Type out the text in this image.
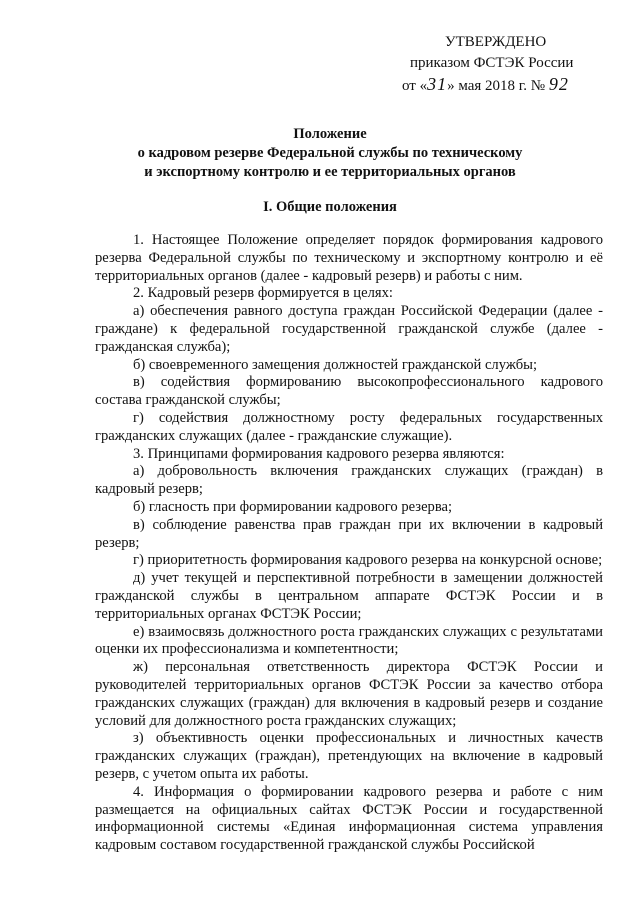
УТВЕРЖДЕНО
приказом ФСТЭК России
от «31» мая 2018 г. № 92
Положение
о кадровом резерве Федеральной службы по техническому
и экспортному контролю и ее территориальных органов
I. Общие положения

1. Настоящее Положение определяет порядок формирования кадрового резерва Федеральной службы по техническому и экспортному контролю и её территориальных органов (далее - кадровый резерв) и работы с ним.

2. Кадровый резерв формируется в целях:

а) обеспечения равного доступа граждан Российской Федерации (далее - граждане) к федеральной государственной гражданской службе (далее - гражданская служба);

б) своевременного замещения должностей гражданской службы;

в) содействия формированию высокопрофессионального кадрового состава гражданской службы;

г) содействия должностному росту федеральных государственных гражданских служащих (далее - гражданские служащие).

3. Принципами формирования кадрового резерва являются:

а) добровольность включения гражданских служащих (граждан) в кадровый резерв;

б) гласность при формировании кадрового резерва;

в) соблюдение равенства прав граждан при их включении в кадровый резерв;

г) приоритетность формирования кадрового резерва на конкурсной основе;

д) учет текущей и перспективной потребности в замещении должностей гражданской службы в центральном аппарате ФСТЭК России и в территориальных органах ФСТЭК России;

е) взаимосвязь должностного роста гражданских служащих с результатами оценки их профессионализма и компетентности;

ж) персональная ответственность директора ФСТЭК России и руководителей территориальных органов ФСТЭК России за качество отбора гражданских служащих (граждан) для включения в кадровый резерв и создание условий для должностного роста гражданских служащих;

з) объективность оценки профессиональных и личностных качеств гражданских служащих (граждан), претендующих на включение в кадровый резерв, с учетом опыта их работы.

4. Информация о формировании кадрового резерва и работе с ним размещается на официальных сайтах ФСТЭК России и государственной информационной системы «Единая информационная система управления кадровым составом государственной гражданской службы Российской
